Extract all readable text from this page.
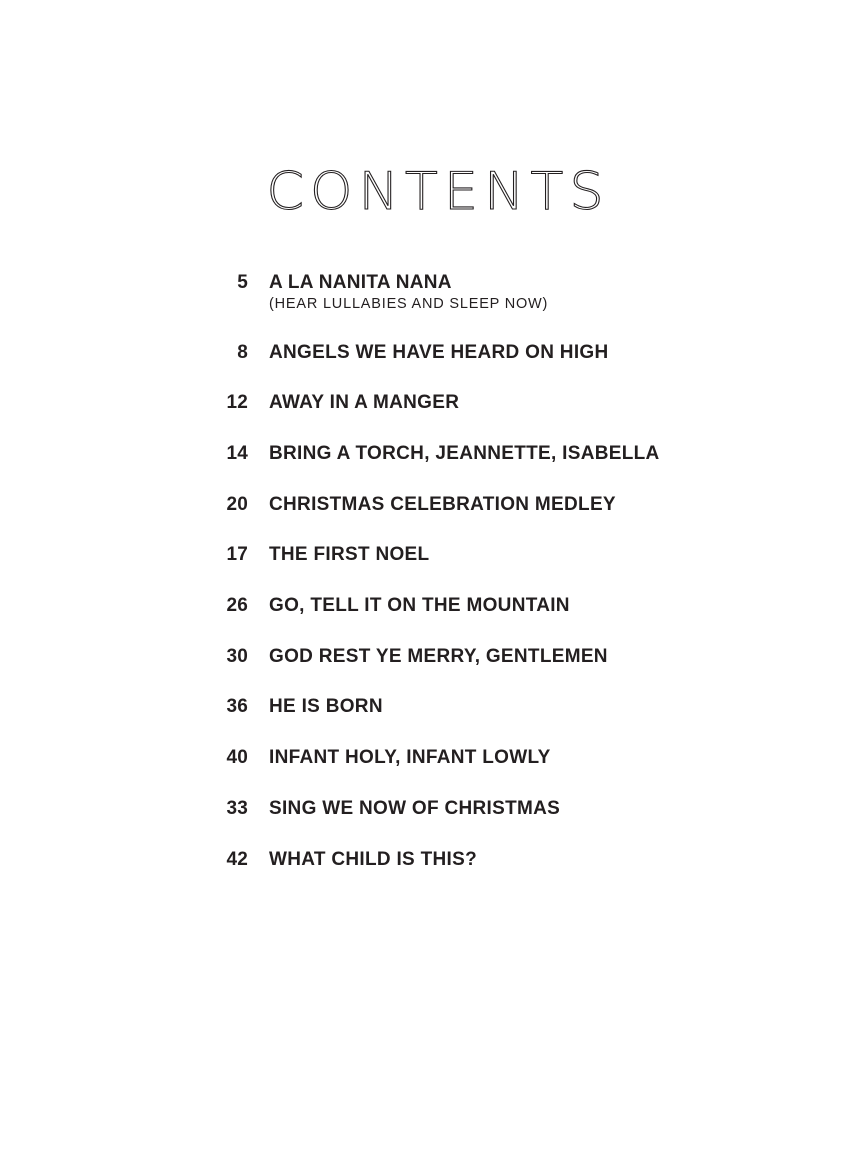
CONTENTS
5 A LA NANITA NANA
(HEAR LULLABIES AND SLEEP NOW)
8 ANGELS WE HAVE HEARD ON HIGH
12 AWAY IN A MANGER
14 BRING A TORCH, JEANNETTE, ISABELLA
20 CHRISTMAS CELEBRATION MEDLEY
17 THE FIRST NOEL
26 GO, TELL IT ON THE MOUNTAIN
30 GOD REST YE MERRY, GENTLEMEN
36 HE IS BORN
40 INFANT HOLY, INFANT LOWLY
33 SING WE NOW OF CHRISTMAS
42 WHAT CHILD IS THIS?
